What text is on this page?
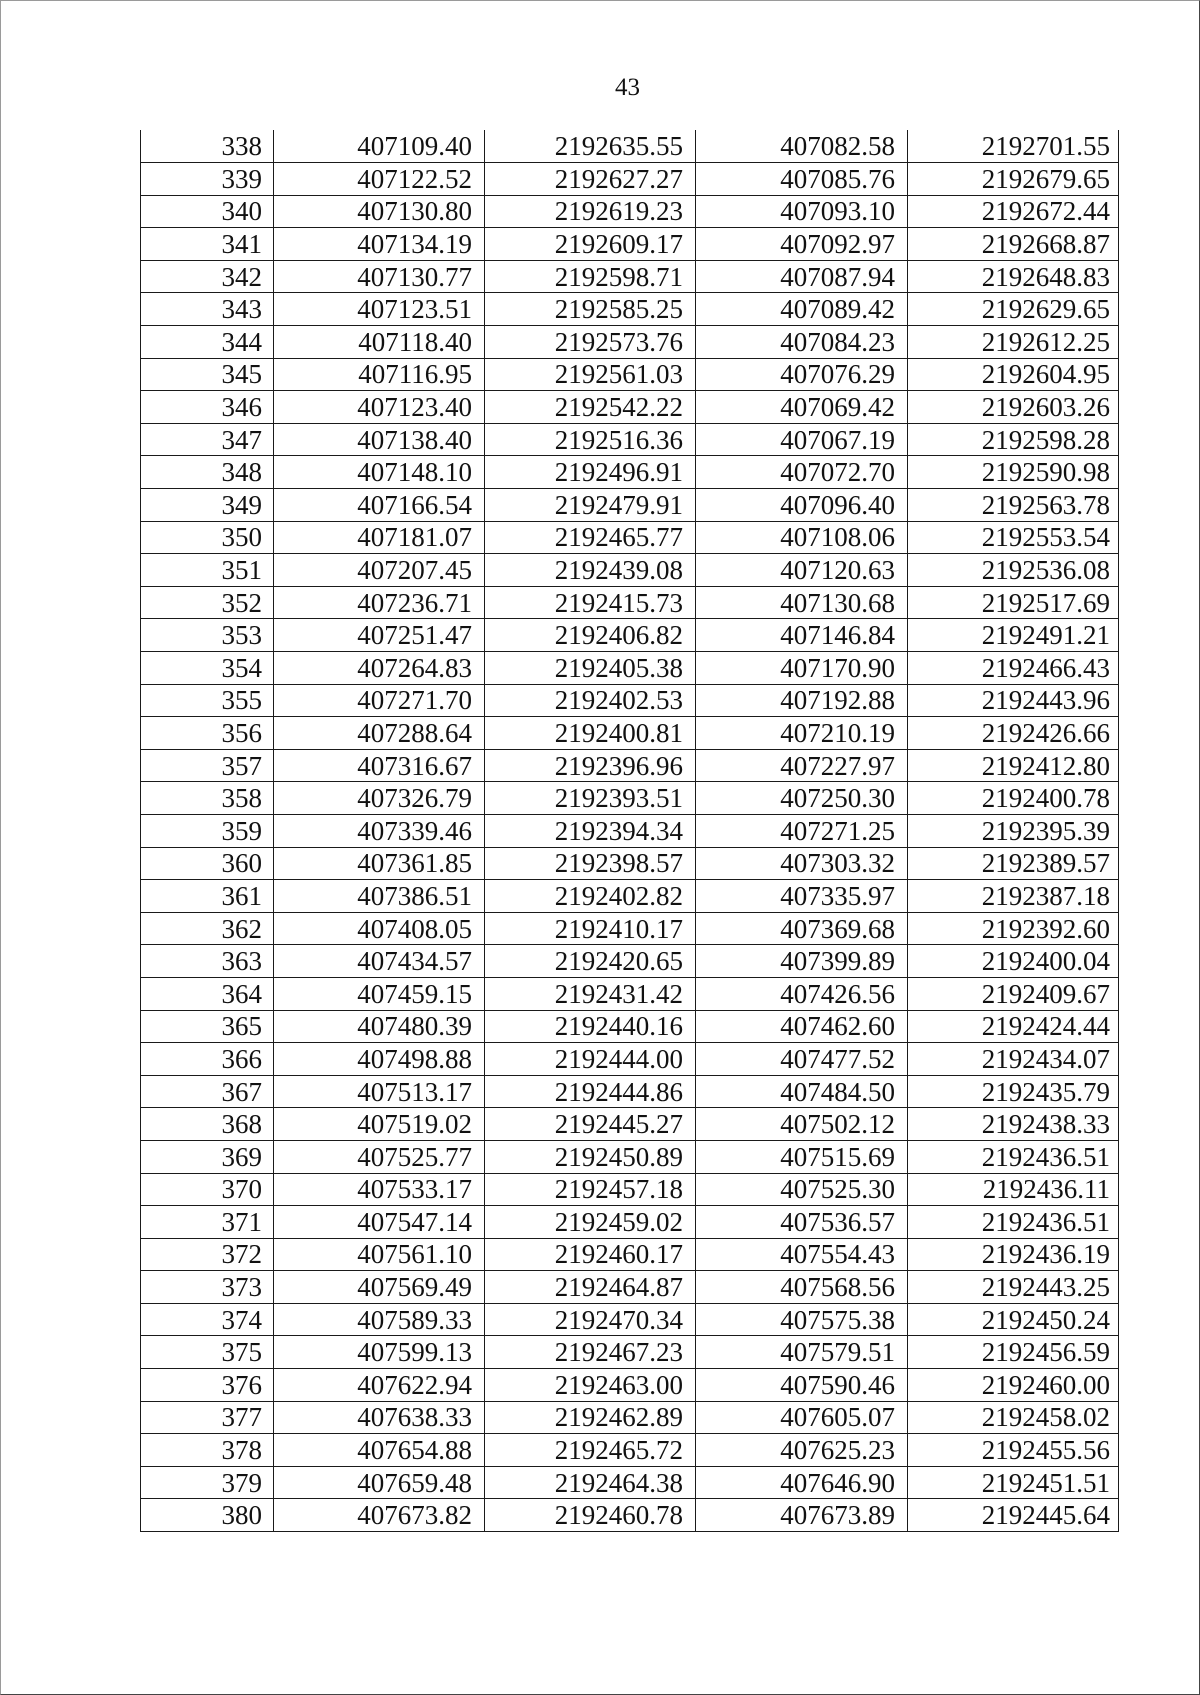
43
338	407109.40	2192635.55	407082.58	2192701.55
339	407122.52	2192627.27	407085.76	2192679.65
340	407130.80	2192619.23	407093.10	2192672.44
341	407134.19	2192609.17	407092.97	2192668.87
342	407130.77	2192598.71	407087.94	2192648.83
343	407123.51	2192585.25	407089.42	2192629.65
344	407118.40	2192573.76	407084.23	2192612.25
345	407116.95	2192561.03	407076.29	2192604.95
346	407123.40	2192542.22	407069.42	2192603.26
347	407138.40	2192516.36	407067.19	2192598.28
348	407148.10	2192496.91	407072.70	2192590.98
349	407166.54	2192479.91	407096.40	2192563.78
350	407181.07	2192465.77	407108.06	2192553.54
351	407207.45	2192439.08	407120.63	2192536.08
352	407236.71	2192415.73	407130.68	2192517.69
353	407251.47	2192406.82	407146.84	2192491.21
354	407264.83	2192405.38	407170.90	2192466.43
355	407271.70	2192402.53	407192.88	2192443.96
356	407288.64	2192400.81	407210.19	2192426.66
357	407316.67	2192396.96	407227.97	2192412.80
358	407326.79	2192393.51	407250.30	2192400.78
359	407339.46	2192394.34	407271.25	2192395.39
360	407361.85	2192398.57	407303.32	2192389.57
361	407386.51	2192402.82	407335.97	2192387.18
362	407408.05	2192410.17	407369.68	2192392.60
363	407434.57	2192420.65	407399.89	2192400.04
364	407459.15	2192431.42	407426.56	2192409.67
365	407480.39	2192440.16	407462.60	2192424.44
366	407498.88	2192444.00	407477.52	2192434.07
367	407513.17	2192444.86	407484.50	2192435.79
368	407519.02	2192445.27	407502.12	2192438.33
369	407525.77	2192450.89	407515.69	2192436.51
370	407533.17	2192457.18	407525.30	2192436.11
371	407547.14	2192459.02	407536.57	2192436.51
372	407561.10	2192460.17	407554.43	2192436.19
373	407569.49	2192464.87	407568.56	2192443.25
374	407589.33	2192470.34	407575.38	2192450.24
375	407599.13	2192467.23	407579.51	2192456.59
376	407622.94	2192463.00	407590.46	2192460.00
377	407638.33	2192462.89	407605.07	2192458.02
378	407654.88	2192465.72	407625.23	2192455.56
379	407659.48	2192464.38	407646.90	2192451.51
380	407673.82	2192460.78	407673.89	2192445.64
